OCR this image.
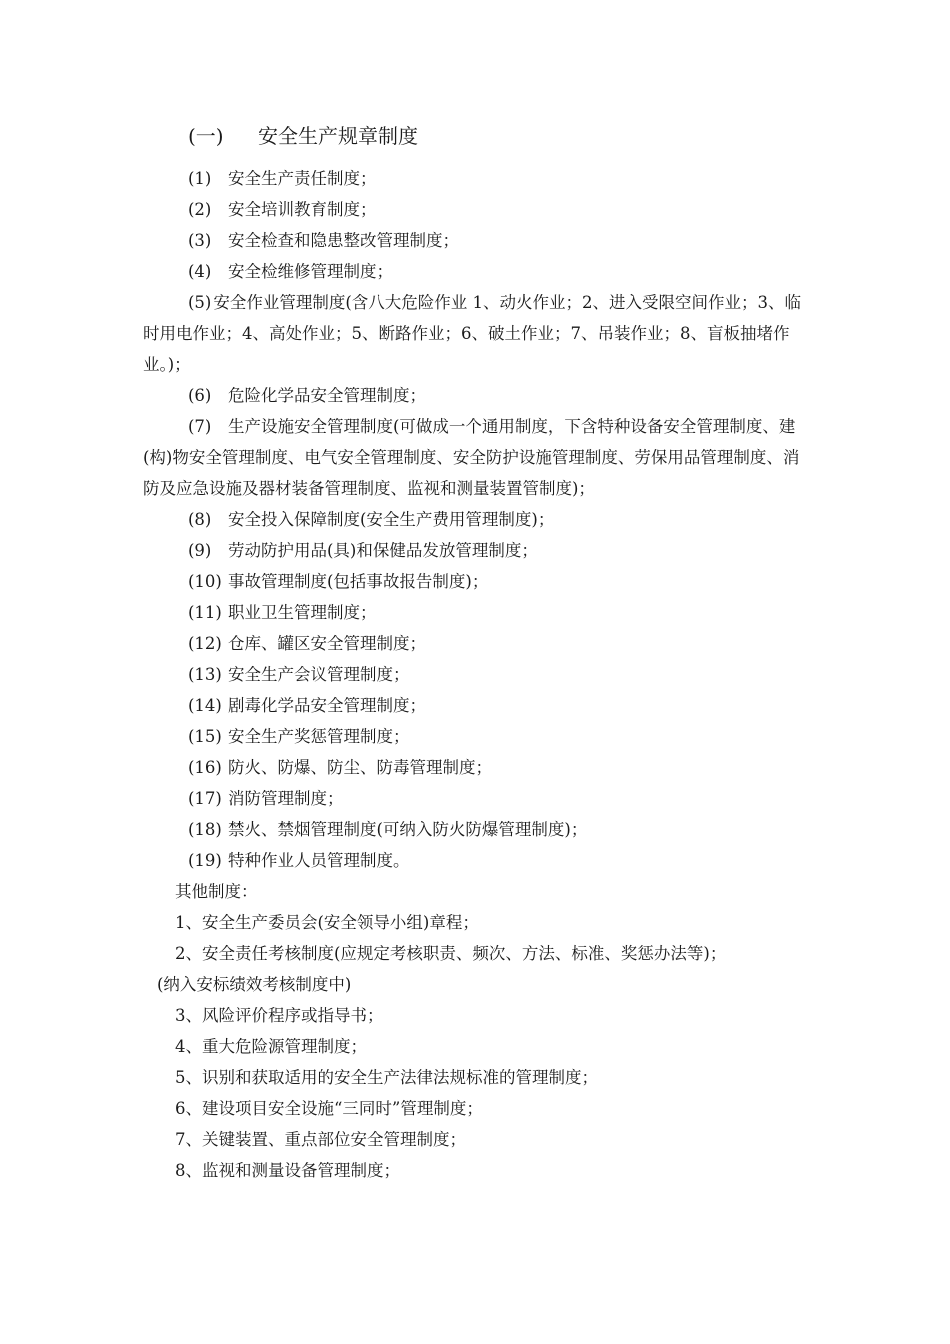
(一) 安全生产规章制度

(1) 安全生产责任制度；

(2) 安全培训教育制度；

(3) 安全检查和隐患整改管理制度；

(4) 安全检维修管理制度；

(5) 安全作业管理制度(含八大危险作业 1、动火作业；2、进入受限空间作业；3、临时用电作业；4、高处作业；5、断路作业；6、破土作业；7、吊装作业；8、盲板抽堵作业。)；

(6) 危险化学品安全管理制度；

(7) 生产设施安全管理制度(可做成一个通用制度，下含特种设备安全管理制度、建(构)物安全管理制度、电气安全管理制度、安全防护设施管理制度、劳保用品管理制度、消防及应急设施及器材装备管理制度、监视和测量装置管制度)；

(8) 安全投入保障制度(安全生产费用管理制度)；

(9) 劳动防护用品(具)和保健品发放管理制度；

(10) 事故管理制度(包括事故报告制度)；

(11) 职业卫生管理制度；

(12) 仓库、罐区安全管理制度；

(13) 安全生产会议管理制度；

(14) 剧毒化学品安全管理制度；

(15) 安全生产奖惩管理制度；

(16) 防火、防爆、防尘、防毒管理制度；

(17) 消防管理制度；

(18) 禁火、禁烟管理制度(可纳入防火防爆管理制度)；

(19) 特种作业人员管理制度。

其他制度：

1、安全生产委员会(安全领导小组)章程；

2、安全责任考核制度(应规定考核职责、频次、方法、标准、奖惩办法等)；

(纳入安标绩效考核制度中)

3、风险评价程序或指导书；

4、重大危险源管理制度；

5、识别和获取适用的安全生产法律法规标准的管理制度；

6、建设项目安全设施“三同时”管理制度；

7、关键装置、重点部位安全管理制度；

8、监视和测量设备管理制度；
